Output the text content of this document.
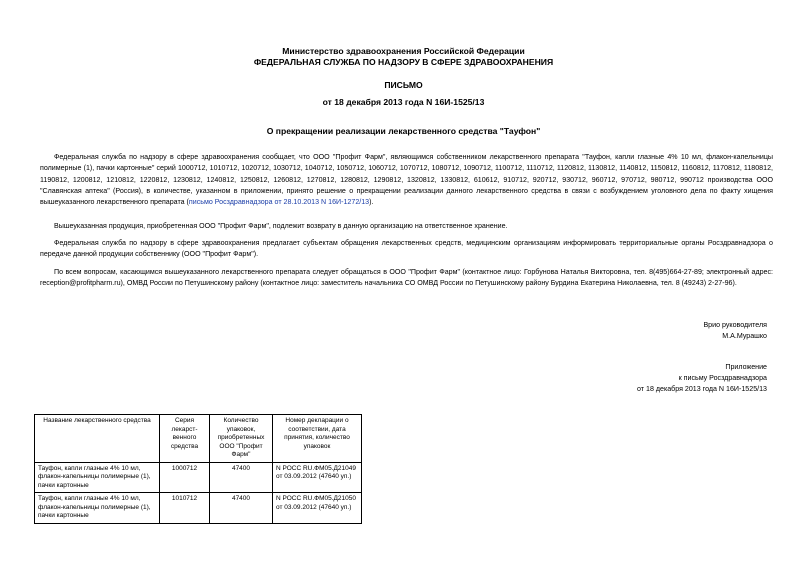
Министерство здравоохранения Российской Федерации
ФЕДЕРАЛЬНАЯ СЛУЖБА ПО НАДЗОРУ В СФЕРЕ ЗДРАВООХРАНЕНИЯ
ПИСЬМО
от 18 декабря 2013 года N 16И-1525/13
О прекращении реализации лекарственного средства "Тауфон"
Федеральная служба по надзору в сфере здравоохранения сообщает, что ООО "Профит Фарм", являющимся собственником лекарственного препарата "Тауфон, капли глазные 4% 10 мл, флакон-капельницы полимерные (1), пачки картонные" серий 1000712, 1010712, 1020712, 1030712, 1040712, 1050712, 1060712, 1070712, 1080712, 1090712, 1100712, 1110712, 1120812, 1130812, 1140812, 1150812, 1160812, 1170812, 1180812, 1190812, 1200812, 1210812, 1220812, 1230812, 1240812, 1250812, 1260812, 1270812, 1280812, 1290812, 1320812, 1330812, 610612, 910712, 920712, 930712, 960712, 970712, 980712, 990712 производства ООО "Славянская аптека" (Россия), в количестве, указанном в приложении, принято решение о прекращении реализации данного лекарственного средства в связи с возбуждением уголовного дела по факту хищения вышеуказанного лекарственного препарата (письмо Росздравнадзора от 28.10.2013 N 16И-1272/13).
Вышеуказанная продукция, приобретенная ООО "Профит Фарм", подлежит возврату в данную организацию на ответственное хранение.
Федеральная служба по надзору в сфере здравоохранения предлагает субъектам обращения лекарственных средств, медицинским организациям информировать территориальные органы Росздравнадзора о передаче данной продукции собственнику (ООО "Профит Фарм").
По всем вопросам, касающимся вышеуказанного лекарственного препарата следует обращаться в ООО "Профит Фарм" (контактное лицо: Горбунова Наталья Викторовна, тел. 8(495)664-27-89; электронный адрес: reception@profitpharm.ru), ОМВД России по Петушинскому району (контактное лицо: заместитель начальника СО ОМВД России по Петушинскому району Бурдина Екатерина Николаевна, тел. 8 (49243) 2-27-96).
Врио руководителя
М.А.Мурашко
Приложение
к письму Росздравнадзора
от 18 декабря 2013 года N 16И-1525/13
Название лекарственного средства	Серия лекарст-венного средства	Количество упаковок, приобретенных ООО "Профит Фарм"	Номер декларации о соответствии, дата принятия, количество упаковок
Тауфон, капли глазные 4% 10 мл, флакон-капельницы полимерные (1), пачки картонные	1000712	47400	N РОСС RU.ФМ05.Д21049 от 03.09.2012 (47640 уп.)
Тауфон, капли глазные 4% 10 мл, флакон-капельницы полимерные (1), пачки картонные	1010712	47400	N РОСС RU.ФМ05.Д21050 от 03.09.2012 (47640 уп.)
